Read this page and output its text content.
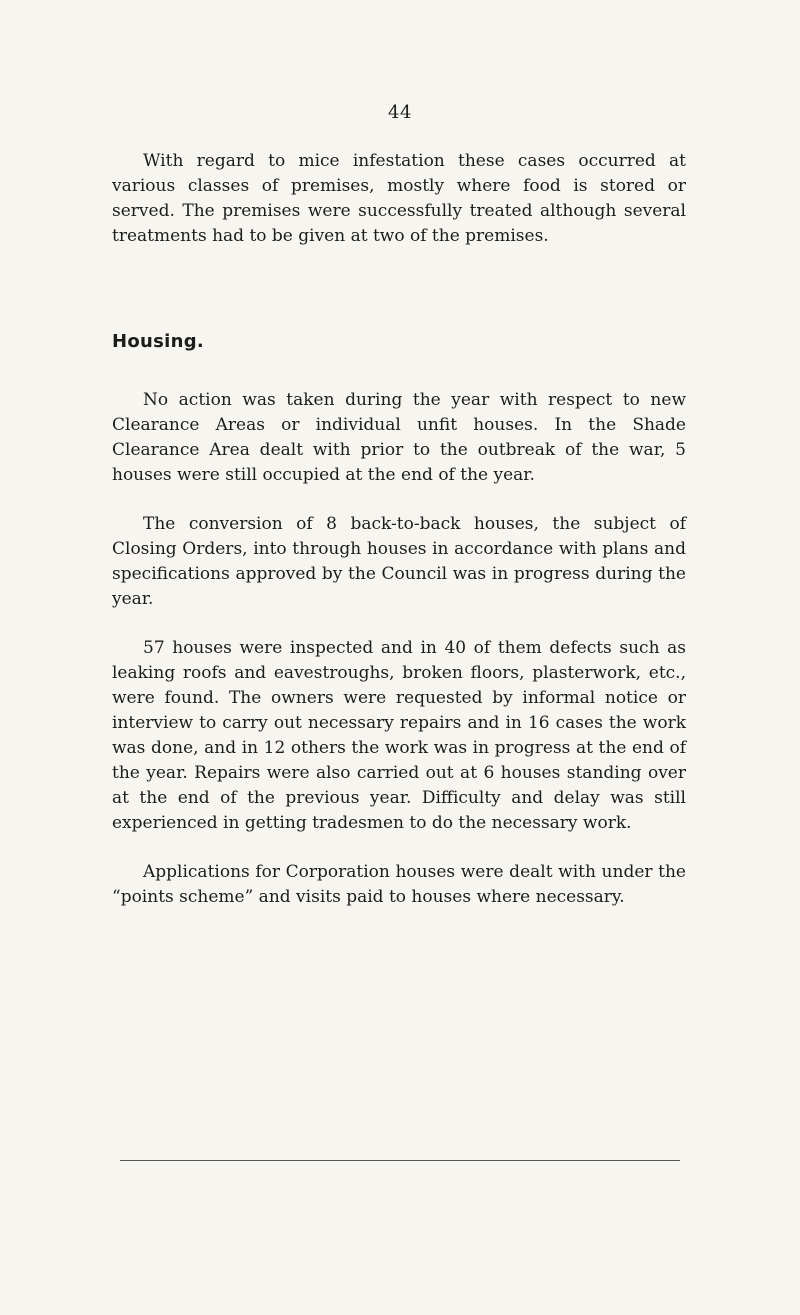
44

With regard to mice infestation these cases occurred at various classes of premises, mostly where food is stored or served. The premises were successfully treated although several treatments had to be given at two of the premises.

Housing.

No action was taken during the year with respect to new Clearance Areas or individual unfit houses. In the Shade Clearance Area dealt with prior to the outbreak of the war, 5 houses were still occupied at the end of the year.

The conversion of 8 back-to-back houses, the subject of Closing Orders, into through houses in accordance with plans and specifications approved by the Council was in progress during the year.

57 houses were inspected and in 40 of them defects such as leaking roofs and eavestroughs, broken floors, plasterwork, etc., were found. The owners were requested by informal notice or interview to carry out necessary repairs and in 16 cases the work was done, and in 12 others the work was in progress at the end of the year. Repairs were also carried out at 6 houses standing over at the end of the previous year. Difficulty and delay was still experienced in getting tradesmen to do the necessary work.

Applications for Corporation houses were dealt with under the “points scheme” and visits paid to houses where necessary.
